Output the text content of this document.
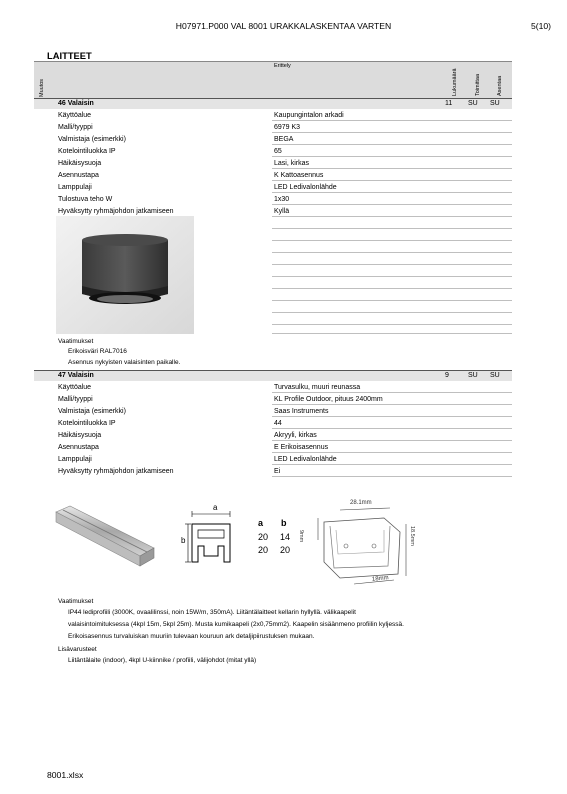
H07971.P000 VAL 8001 URAKKALASKENTAA VARTEN	5(10)
LAITTEET
Muutos
Erittely
Lukumäärä	Toimittaa	Asentaa
46 Valaisin	11 SU SU
Käyttöalue	Kaupungintalon arkadi
Malli/tyyppi	6979 K3
Valmistaja (esimerkki)	BEGA
Kotelointiluokka IP	65
Häikäisysuoja	Lasi, kirkas
Asennustapa	K Kattoasennus
Lamppulaji	LED Ledivalonlähde
Tulostuva teho W	1x30
Hyväksytty ryhmäjohdon jatkamiseen	Kyllä
Vaatimukset
Erikoisväri RAL7016
Asennus nykyisten valaisinten paikalle.
47 Valaisin	9	SU SU
Käyttöalue	Turvasulku, muuri reunassa
Malli/tyyppi	KL Profile Outdoor, pituus 2400mm
Valmistaja (esimerkki)	Saas Instruments
Kotelointiluokka IP	44
Häikäisysuoja	Akryyli, kirkas
Asennustapa	E Erikoisasennus
Lamppulaji	LED Ledivalonlähde
Hyväksytty ryhmäjohdon jatkamiseen	Ei
a
b
a b
20 14
20 20
28.1mm
9mm	18.5mm
18mm
Vaatimukset
IP44 lediprofiili (3000K, ovaalilinssi, noin 15W/m, 350mA). Liitäntälaitteet kellarin hyllyllä. välikaapelit
valaisintoimituksessa (4kpl 15m, 5kpl 25m). Musta kumikaapeli (2x0,75mm2). Kaapelin sisäänmeno profiilin kyljessä.
Erikoisasennus turvaluiskan muuriin tulevaan kouruun ark detaljipiirustuksen mukaan.
Lisävarusteet
Liitäntälaite (indoor), 4kpl U-kiinnike / profiili, välijohdot (mitat yllä)
8001.xlsx
